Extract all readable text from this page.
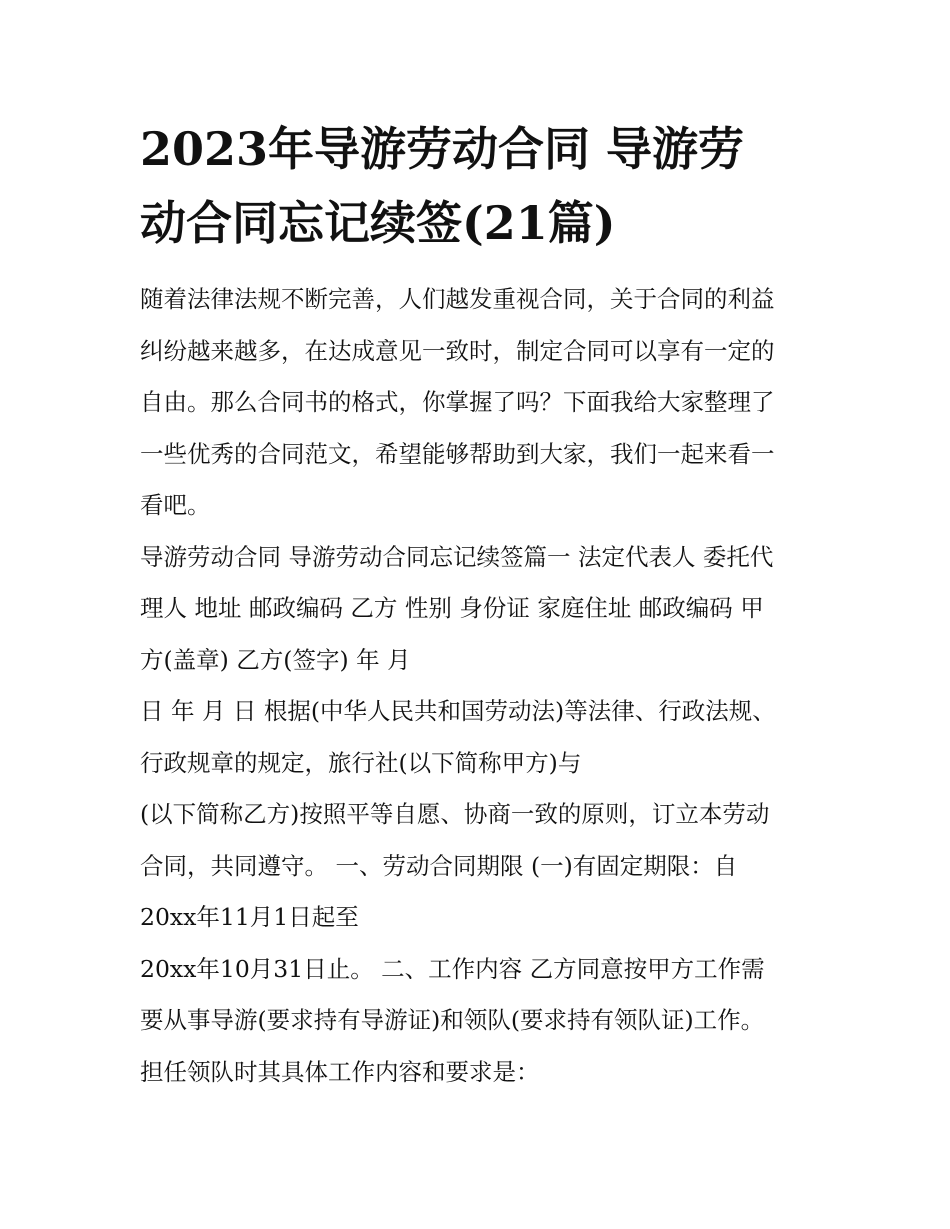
2023年导游劳动合同 导游劳
动合同忘记续签(21篇)
随着法律法规不断完善，人们越发重视合同，关于合同的利益
纠纷越来越多，在达成意见一致时，制定合同可以享有一定的
自由。那么合同书的格式，你掌握了吗？下面我给大家整理了
一些优秀的合同范文，希望能够帮助到大家，我们一起来看一
看吧。
导游劳动合同 导游劳动合同忘记续签篇一 法定代表人 委托代
理人 地址 邮政编码 乙方 性别 身份证 家庭住址 邮政编码 甲
方(盖章) 乙方(签字) 年 月
日 年 月 日 根据(中华人民共和国劳动法)等法律、行政法规、
行政规章的规定，旅行社(以下简称甲方)与
(以下简称乙方)按照平等自愿、协商一致的原则，订立本劳动
合同，共同遵守。 一、劳动合同期限 (一)有固定期限：自
20xx年11月1日起至
20xx年10月31日止。 二、工作内容 乙方同意按甲方工作需
要从事导游(要求持有导游证)和领队(要求持有领队证)工作。
担任领队时其具体工作内容和要求是：
